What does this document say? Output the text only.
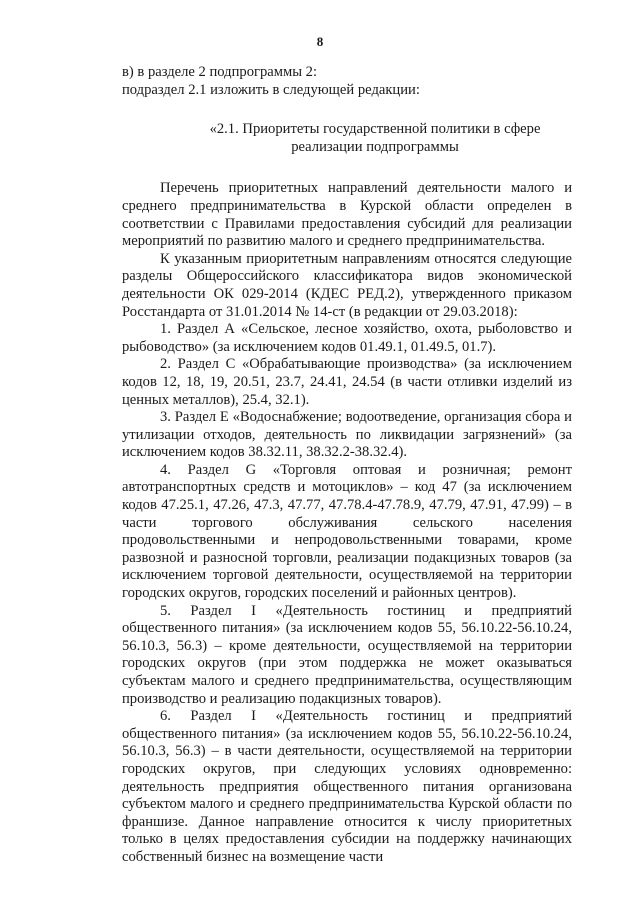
8

в) в разделе 2 подпрограммы 2:

подраздел 2.1 изложить в следующей редакции:

«2.1. Приоритеты государственной политики в сфере реализации подпрограммы

Перечень приоритетных направлений деятельности малого и среднего предпринимательства в Курской области определен в соответствии с Правилами предоставления субсидий для реализации мероприятий по развитию малого и среднего предпринимательства.

К указанным приоритетным направлениям относятся следующие разделы Общероссийского классификатора видов экономической деятельности ОК 029-2014 (КДЕС РЕД.2), утвержденного приказом Росстандарта от 31.01.2014 № 14-ст (в редакции от 29.03.2018):

1. Раздел А «Сельское, лесное хозяйство, охота, рыболовство и рыбоводство» (за исключением кодов 01.49.1, 01.49.5, 01.7).

2. Раздел С «Обрабатывающие производства» (за исключением кодов 12, 18, 19, 20.51, 23.7, 24.41, 24.54 (в части отливки изделий из ценных металлов), 25.4, 32.1).

3. Раздел Е «Водоснабжение; водоотведение, организация сбора и утилизации отходов, деятельность по ликвидации загрязнений» (за исключением кодов 38.32.11, 38.32.2-38.32.4).

4. Раздел G «Торговля оптовая и розничная; ремонт автотранспортных средств и мотоциклов» – код 47 (за исключением кодов 47.25.1, 47.26, 47.3, 47.77, 47.78.4-47.78.9, 47.79, 47.91, 47.99) – в части торгового обслуживания сельского населения продовольственными и непродовольственными товарами, кроме развозной и разносной торговли, реализации подакцизных товаров (за исключением торговой деятельности, осуществляемой на территории городских округов, городских поселений и районных центров).

5. Раздел I «Деятельность гостиниц и предприятий общественного питания» (за исключением кодов 55, 56.10.22-56.10.24, 56.10.3, 56.3) – кроме деятельности, осуществляемой на территории городских округов (при этом поддержка не может оказываться субъектам малого и среднего предпринимательства, осуществляющим производство и реализацию подакцизных товаров).

6. Раздел I «Деятельность гостиниц и предприятий общественного питания» (за исключением кодов 55, 56.10.22-56.10.24, 56.10.3, 56.3) – в части деятельности, осуществляемой на территории городских округов, при следующих условиях одновременно: деятельность предприятия общественного питания организована субъектом малого и среднего предпринимательства Курской области по франшизе. Данное направление относится к числу приоритетных только в целях предоставления субсидии на поддержку начинающих собственный бизнес на возмещение части
